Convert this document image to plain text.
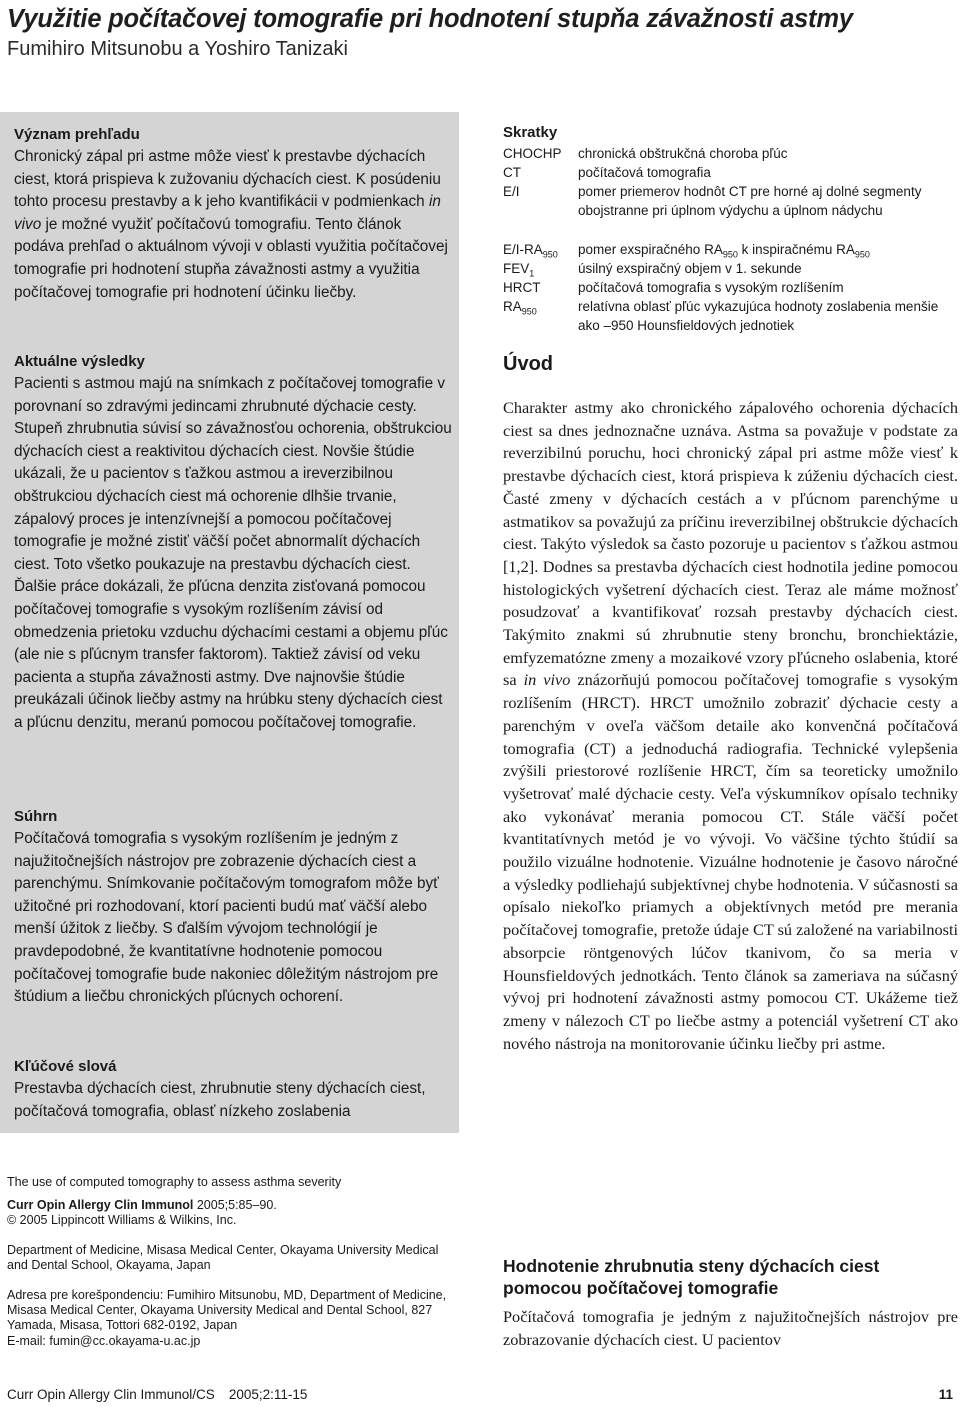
Využitie počítačovej tomografie pri hodnotení stupňa závažnosti astmy
Fumihiro Mitsunobu a Yoshiro Tanizaki
Význam prehľadu

Chronický zápal pri astme môže viesť k prestavbe dýchacích ciest, ktorá prispieva k zužovaniu dýchacích ciest. K posúdeniu tohto procesu prestavby a k jeho kvantifikácii v podmienkach in vivo je možné využiť počítačovú tomografiu. Tento článok podáva prehľad o aktuálnom vývoji v oblasti využitia počítačovej tomografie pri hodnotení stupňa závažnosti astmy a využitia počítačovej tomografie pri hodnotení účinku liečby.

Aktuálne výsledky
Pacienti s astmou majú na snímkach z počítačovej tomografie v porovnaní so zdravými jedincami zhrubnuté dýchacie cesty. Stupeň zhrubnutia súvisí so závažnosťou ochorenia, obštrukciou dýchacích ciest a reaktivitou dýchacích ciest. Novšie štúdie ukázali, že u pacientov s ťažkou astmou a ireverzibilnou obštrukciou dýchacích ciest má ochorenie dlhšie trvanie, zápalový proces je intenzívnejší a pomocou počítačovej tomografie je možné zistiť väčší počet abnormalít dýchacích ciest. Toto všetko poukazuje na prestavbu dýchacích ciest. Ďalšie práce dokázali, že pľúcna denzita zisťovaná pomocou počítačovej tomografie s vysokým rozlíšením závisí od obmedzenia prietoku vzduchu dýchacími cestami a objemu pľúc (ale nie s pľúcnym transfer faktorom). Taktiež závisí od veku pacienta a stupňa závažnosti astmy. Dve najnovšie štúdie preukázali účinok liečby astmy na hrúbku steny dýchacích ciest a pľúcnu denzitu, meranú pomocou počítačovej tomografie.
Súhrn
Počítačová tomografia s vysokým rozlíšením je jedným z najužitočnejších nástrojov pre zobrazenie dýchacích ciest a parenchýmu. Snímkovanie počítačovým tomografom môže byť užitočné pri rozhodovaní, ktorí pacienti budú mať väčší alebo menší úžitok z liečby. S ďalším vývojom technológií je pravdepodobné, že kvantitatívne hodnotenie pomocou počítačovej tomografie bude nakoniec dôležitým nástrojom pre štúdium a liečbu chronických pľúcnych ochorení.
Kľúčové slová
Prestavba dýchacích ciest, zhrubnutie steny dýchacích ciest, počítačová tomografia, oblasť nízkeho zoslabenia
The use of computed tomography to assess asthma severity

Curr Opin Allergy Clin Immunol 2005;5:85–90.

© 2005 Lippincott Williams & Wilkins, Inc.

Department of Medicine, Misasa Medical Center, Okayama University Medical and Dental School, Okayama, Japan

Adresa pre korešpondenciu: Fumihiro Mitsunobu, MD, Department of Medicine, Misasa Medical Center, Okayama University Medical and Dental School, 827 Yamada, Misasa, Tottori 682-0192, Japan

E-mail: fumin@cc.okayama-u.ac.jp

Skratky
CHOCHP	chronická obštrukčná choroba pľúc
CT	počítačová tomografia
E/I	pomer priemerov hodnôt CT pre horné aj dolné segmenty obojstranne pri úplnom výdychu a úplnom nádychu
$E/I-RA_{950}$	pomer exspiračného $RA_{950}$ k inspiračnému $RA_{950}$
$FEV_1$	úsilný exspiračný objem v 1. sekunde
HRCT	počítačová tomografia s vysokým rozlíšením
$RA_{950}$	relatívna oblasť pľúc vykazujúca hodnoty zoslabenia menšie ako –950 Hounsfieldových jednotiek
Úvod

Charakter astmy ako chronického zápalového ochorenia dýchacích ciest sa dnes jednoznačne uznáva. Astma sa považuje v podstate za reverzibilnú poruchu, hoci chronický zápal pri astme môže viesť k prestavbe dýchacích ciest, ktorá prispieva k zúženiu dýchacích ciest. Časté zmeny v dýchacích cestách a v pľúcnom parenchýme u astmatikov sa považujú za príčinu ireverzibilnej obštrukcie dýchacích ciest. Takýto výsledok sa často pozoruje u pacientov s ťažkou astmou [1,2]. Dodnes sa prestavba dýchacích ciest hodnotila jedine pomocou histologických vyšetrení dýchacích ciest. Teraz ale máme možnosť posudzovať a kvantifikovať rozsah prestavby dýchacích ciest. Takýmito znakmi sú zhrubnutie steny bronchu, bronchiektázie, emfyzematózne zmeny a mozaikové vzory pľúcneho oslabenia, ktoré sa in vivo znázorňujú pomocou počítačovej tomografie s vysokým rozlíšením (HRCT). HRCT umožnilo zobraziť dýchacie cesty a parenchým v oveľa väčšom detaile ako konvenčná počítačová tomografia (CT) a jednoduchá radiografia. Technické vylepšenia zvýšili priestorové rozlíšenie HRCT, čím sa teoreticky umožnilo vyšetrovať malé dýchacie cesty. Veľa výskumníkov opísalo techniky ako vykonávať merania pomocou CT. Stále väčší počet kvantitatívnych metód je vo vývoji. Vo väčšine týchto štúdií sa použilo vizuálne hodnotenie. Vizuálne hodnotenie je časovo náročné a výsledky podliehajú subjektívnej chybe hodnotenia. V súčasnosti sa opísalo niekoľko priamych a objektívnych metód pre merania počítačovej tomografie, pretože údaje CT sú založené na variabilnosti absorpcie röntgenových lúčov tkanivom, čo sa meria v Hounsfieldových jednotkách. Tento článok sa zameriava na súčasný vývoj pri hodnotení závažnosti astmy pomocou CT. Ukážeme tiež zmeny v nálezoch CT po liečbe astmy a potenciál vyšetrení CT ako nového nástroja na monitorovanie účinku liečby pri astme.

Hodnotenie zhrubnutia steny dýchacích ciest pomocou počítačovej tomografie
Počítačová tomografia je jedným z najužitočnejších nástrojov pre zobrazovanie dýchacích ciest. U pacientov
Curr Opin Allergy Clin Immunol/CS 2005;2:11-15	11
